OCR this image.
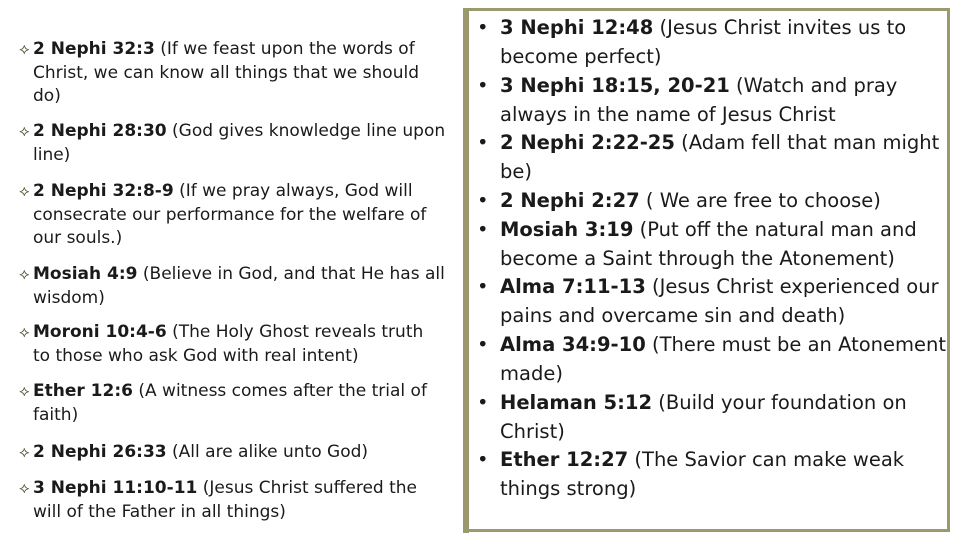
⟡ 2 Nephi 32:3 (If we feast upon the words of
Christ, we can know all things that we should
do)
⟡ 2 Nephi 28:30 (God gives knowledge line upon
line)
⟡ 2 Nephi 32:8-9 (If we pray always, God will
consecrate our performance for the welfare of
our souls.)
⟡ Mosiah 4:9 (Believe in God, and that He has all
wisdom)
⟡ Moroni 10:4-6 (The Holy Ghost reveals truth
to those who ask God with real intent)
⟡ Ether 12:6 (A witness comes after the trial of
faith)
⟡ 2 Nephi 26:33 (All are alike unto God)
⟡ 3 Nephi 11:10-11 (Jesus Christ suffered the
will of the Father in all things)
• 3 Nephi 12:48 (Jesus Christ invites us to
become perfect)
• 3 Nephi 18:15, 20-21 (Watch and pray
always in the name of Jesus Christ
• 2 Nephi 2:22-25 (Adam fell that man might
be)
• 2 Nephi 2:27 ( We are free to choose)
• Mosiah 3:19 (Put off the natural man and
become a Saint through the Atonement)
• Alma 7:11-13 (Jesus Christ experienced our
pains and overcame sin and death)
• Alma 34:9-10 (There must be an Atonement
made)
• Helaman 5:12 (Build your foundation on
Christ)
• Ether 12:27 (The Savior can make weak
things strong)
